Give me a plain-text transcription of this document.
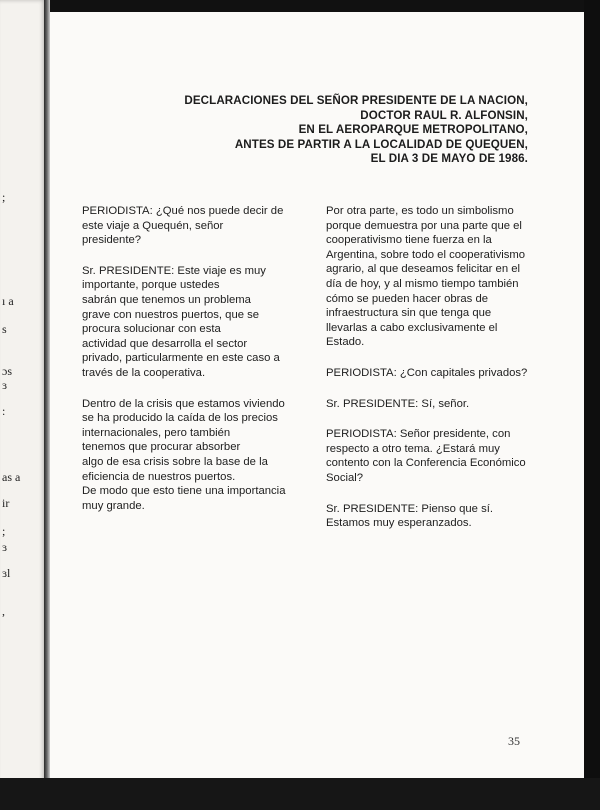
;
ı a
s
ɔs
ɜ
:
as a
ir
;
ɜ
ɜl
,
DECLARACIONES DEL SEÑOR PRESIDENTE DE LA NACION,
DOCTOR RAUL R. ALFONSIN,
EN EL AEROPARQUE METROPOLITANO,
ANTES DE PARTIR A LA LOCALIDAD DE QUEQUEN,
EL DIA 3 DE MAYO DE 1986.
PERIODISTA: ¿Qué nos puede decir de
este viaje a Quequén, señor
presidente?
Sr. PRESIDENTE: Este viaje es muy
importante, porque ustedes
sabrán que tenemos un problema
grave con nuestros puertos, que se
procura solucionar con esta
actividad que desarrolla el sector
privado, particularmente en este caso a
través de la cooperativa.
Dentro de la crisis que estamos viviendo
se ha producido la caída de los precios
internacionales, pero también
tenemos que procurar absorber
algo de esa crisis sobre la base de la
eficiencia de nuestros puertos.
De modo que esto tiene una importancia
muy grande.
Por otra parte, es todo un simbolismo
porque demuestra por una parte que el
cooperativismo tiene fuerza en la
Argentina, sobre todo el cooperativismo
agrario, al que deseamos felicitar en el
día de hoy, y al mismo tiempo también
cómo se pueden hacer obras de
infraestructura sin que tenga que
llevarlas a cabo exclusivamente el
Estado.
PERIODISTA: ¿Con capitales privados?
Sr. PRESIDENTE: Sí, señor.
PERIODISTA: Señor presidente, con
respecto a otro tema. ¿Estará muy
contento con la Conferencia Económico
Social?
Sr. PRESIDENTE: Pienso que sí.
Estamos muy esperanzados.
35
